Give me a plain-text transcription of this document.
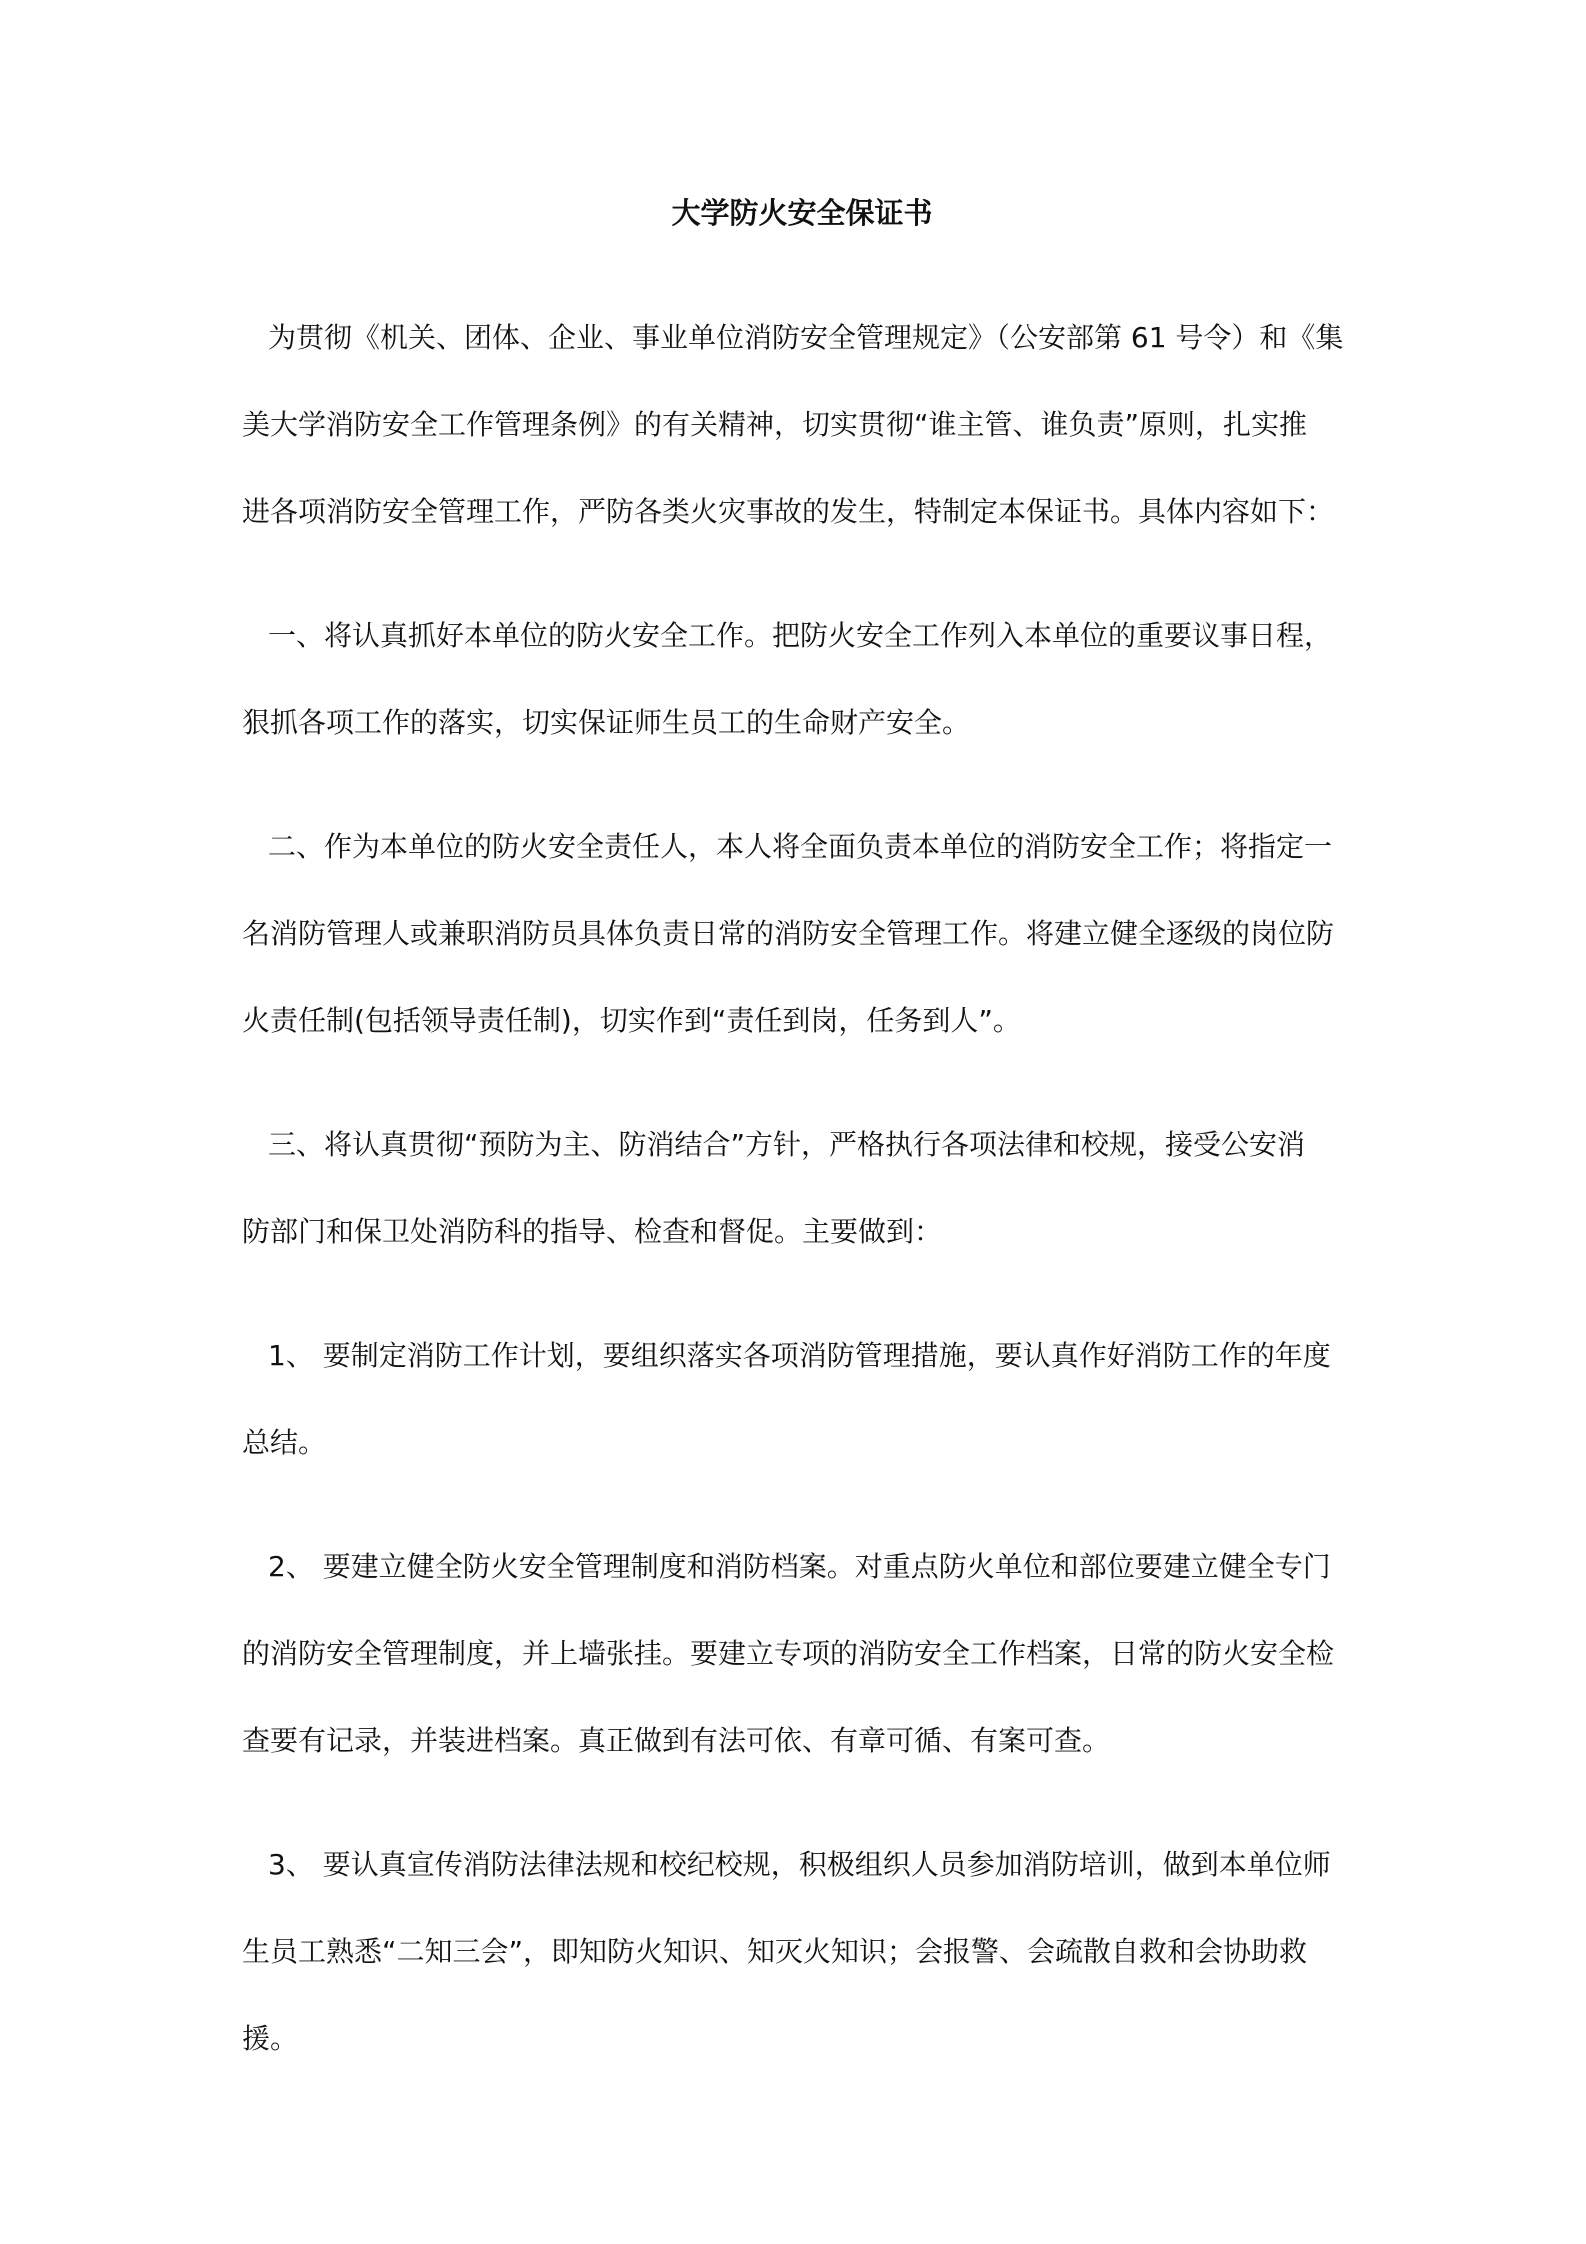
大学防火安全保证书
为贯彻《机关、团体、企业、事业单位消防安全管理规定》（公安部第 61 号令）和《集
美大学消防安全工作管理条例》的有关精神，切实贯彻“谁主管、谁负责”原则，扎实推
进各项消防安全管理工作，严防各类火灾事故的发生，特制定本保证书。具体内容如下：
一、将认真抓好本单位的防火安全工作。把防火安全工作列入本单位的重要议事日程，
狠抓各项工作的落实，切实保证师生员工的生命财产安全。
二、作为本单位的防火安全责任人，本人将全面负责本单位的消防安全工作；将指定一
名消防管理人或兼职消防员具体负责日常的消防安全管理工作。将建立健全逐级的岗位防
火责任制(包括领导责任制)，切实作到“责任到岗，任务到人”。
三、将认真贯彻“预防为主、防消结合”方针，严格执行各项法律和校规，接受公安消
防部门和保卫处消防科的指导、检查和督促。主要做到：
1、 要制定消防工作计划，要组织落实各项消防管理措施，要认真作好消防工作的年度
总结。
2、 要建立健全防火安全管理制度和消防档案。对重点防火单位和部位要建立健全专门
的消防安全管理制度，并上墙张挂。要建立专项的消防安全工作档案，日常的防火安全检
查要有记录，并装进档案。真正做到有法可依、有章可循、有案可查。
3、 要认真宣传消防法律法规和校纪校规，积极组织人员参加消防培训，做到本单位师
生员工熟悉“二知三会”，即知防火知识、知灭火知识；会报警、会疏散自救和会协助救
援。
